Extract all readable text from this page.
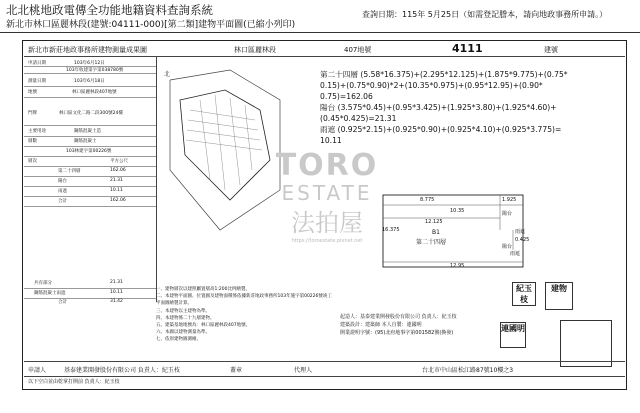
北北桃地政電傳全功能地籍資料查詢系統
新北市林口區麗林段(建號:04111-000)[第二類]建物平面圖(已縮小列印)
查詢日期：115年 5月25日（如需登記謄本，請向地政事務所申請。）
新北市新莊地政事務所建物測量成果圖	林口區麗林段	407地號	4111	建號
申請日期	103年6月12日
103年收建第字第038780號
測量日期	103年6月18日
地號	林口區麗林段407地號
門牌	林口區文化二路二段300號24樓
主要用途	鋼筋混凝土造
層數	鋼筋混凝土
103林建字第00226號
層次	平方公尺
第二十四層	162.06
陽台	21.31
雨遮	10.11
合計	162.06
共有部分	21.31
鋼筋混凝土雨遮	10.11
合計	31.42
北	第二十四層 (5.58*16.375)+(2.295*12.125)+(1.875*9.775)+(0.75*
0.15)+(0.75*0.90)*2+(10.35*0.975)+(0.95*12.95)+(0.90*
0.75)=162.06
陽台 (3.575*0.45)+(0.95*3.425)+(1.925*3.80)+(1.925*4.60)+
(0.45*0.425)=21.31
雨遮 (0.925*2.15)+(0.925*0.90)+(0.925*4.10)+(0.925*3.775)=
10.11
TORO
ESTATE
法拍屋
https://toroestate.pixnet.net
8.775	1.925
10.35
12.125
16.375
陽台
陽台
雨遮
0.425
雨遮
B1
第二十四層
12.95
一、建物層次以建照屬置層高1:200比例繪製。
二、本建物平面圖、位置圖及建物面積係依據新莊地政事務所103年施字第00226號竣工平面圖繪製計算。
三、本建物以主建物為準。
四、本建物係二十九層建物。
五、建築基地地號為：林口區麗林段407地號。
六、本圖以建物測量為準。
七、依原建物圖測繪。
起造人：基泰建業開發股份有限公司 負責人：紀玉枝
建築設計：建築師 本人自製：連國明
開業證明字號：(95)北府地事字第001582號(換發)
紀玉枝
建物
連國明
申請人	基泰建業開發股份有限公司 負責人：紀玉枝	蓋章	代理人	台北市中山區松江路87號10樓之3
以下空白並由乾掌打開前 負責人：紀玉枝
